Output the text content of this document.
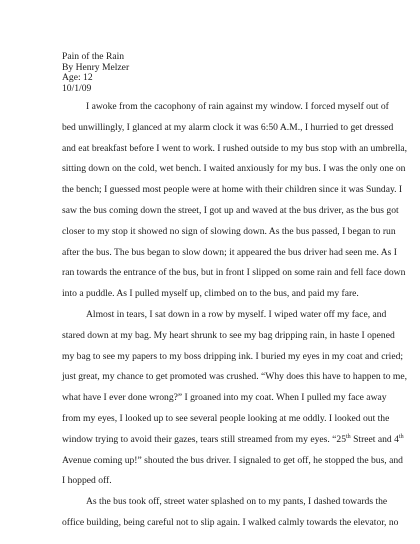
Pain of the Rain
By Henry Melzer
Age: 12
10/1/09
I awoke from the cacophony of rain against my window. I forced myself out of
bed unwillingly, I glanced at my alarm clock it was 6:50 A.M., I hurried to get dressed
and eat breakfast before I went to work. I rushed outside to my bus stop with an umbrella,
sitting down on the cold, wet bench. I waited anxiously for my bus. I was the only one on
the bench; I guessed most people were at home with their children since it was Sunday. I
saw the bus coming down the street, I got up and waved at the bus driver, as the bus got
closer to my stop it showed no sign of slowing down. As the bus passed, I began to run
after the bus. The bus began to slow down; it appeared the bus driver had seen me. As I
ran towards the entrance of the bus, but in front I slipped on some rain and fell face down
into a puddle. As I pulled myself up, climbed on to the bus, and paid my fare.
Almost in tears, I sat down in a row by myself. I wiped water off my face, and
stared down at my bag. My heart shrunk to see my bag dripping rain, in haste I opened
my bag to see my papers to my boss dripping ink. I buried my eyes in my coat and cried;
just great, my chance to get promoted was crushed. “Why does this have to happen to me,
what have I ever done wrong?” I groaned into my coat. When I pulled my face away
from my eyes, I looked up to see several people looking at me oddly. I looked out the
window trying to avoid their gazes, tears still streamed from my eyes. “25th Street and 4th
Avenue coming up!” shouted the bus driver. I signaled to get off, he stopped the bus, and
I hopped off.
As the bus took off, street water splashed on to my pants, I dashed towards the
office building, being careful not to slip again. I walked calmly towards the elevator, no
